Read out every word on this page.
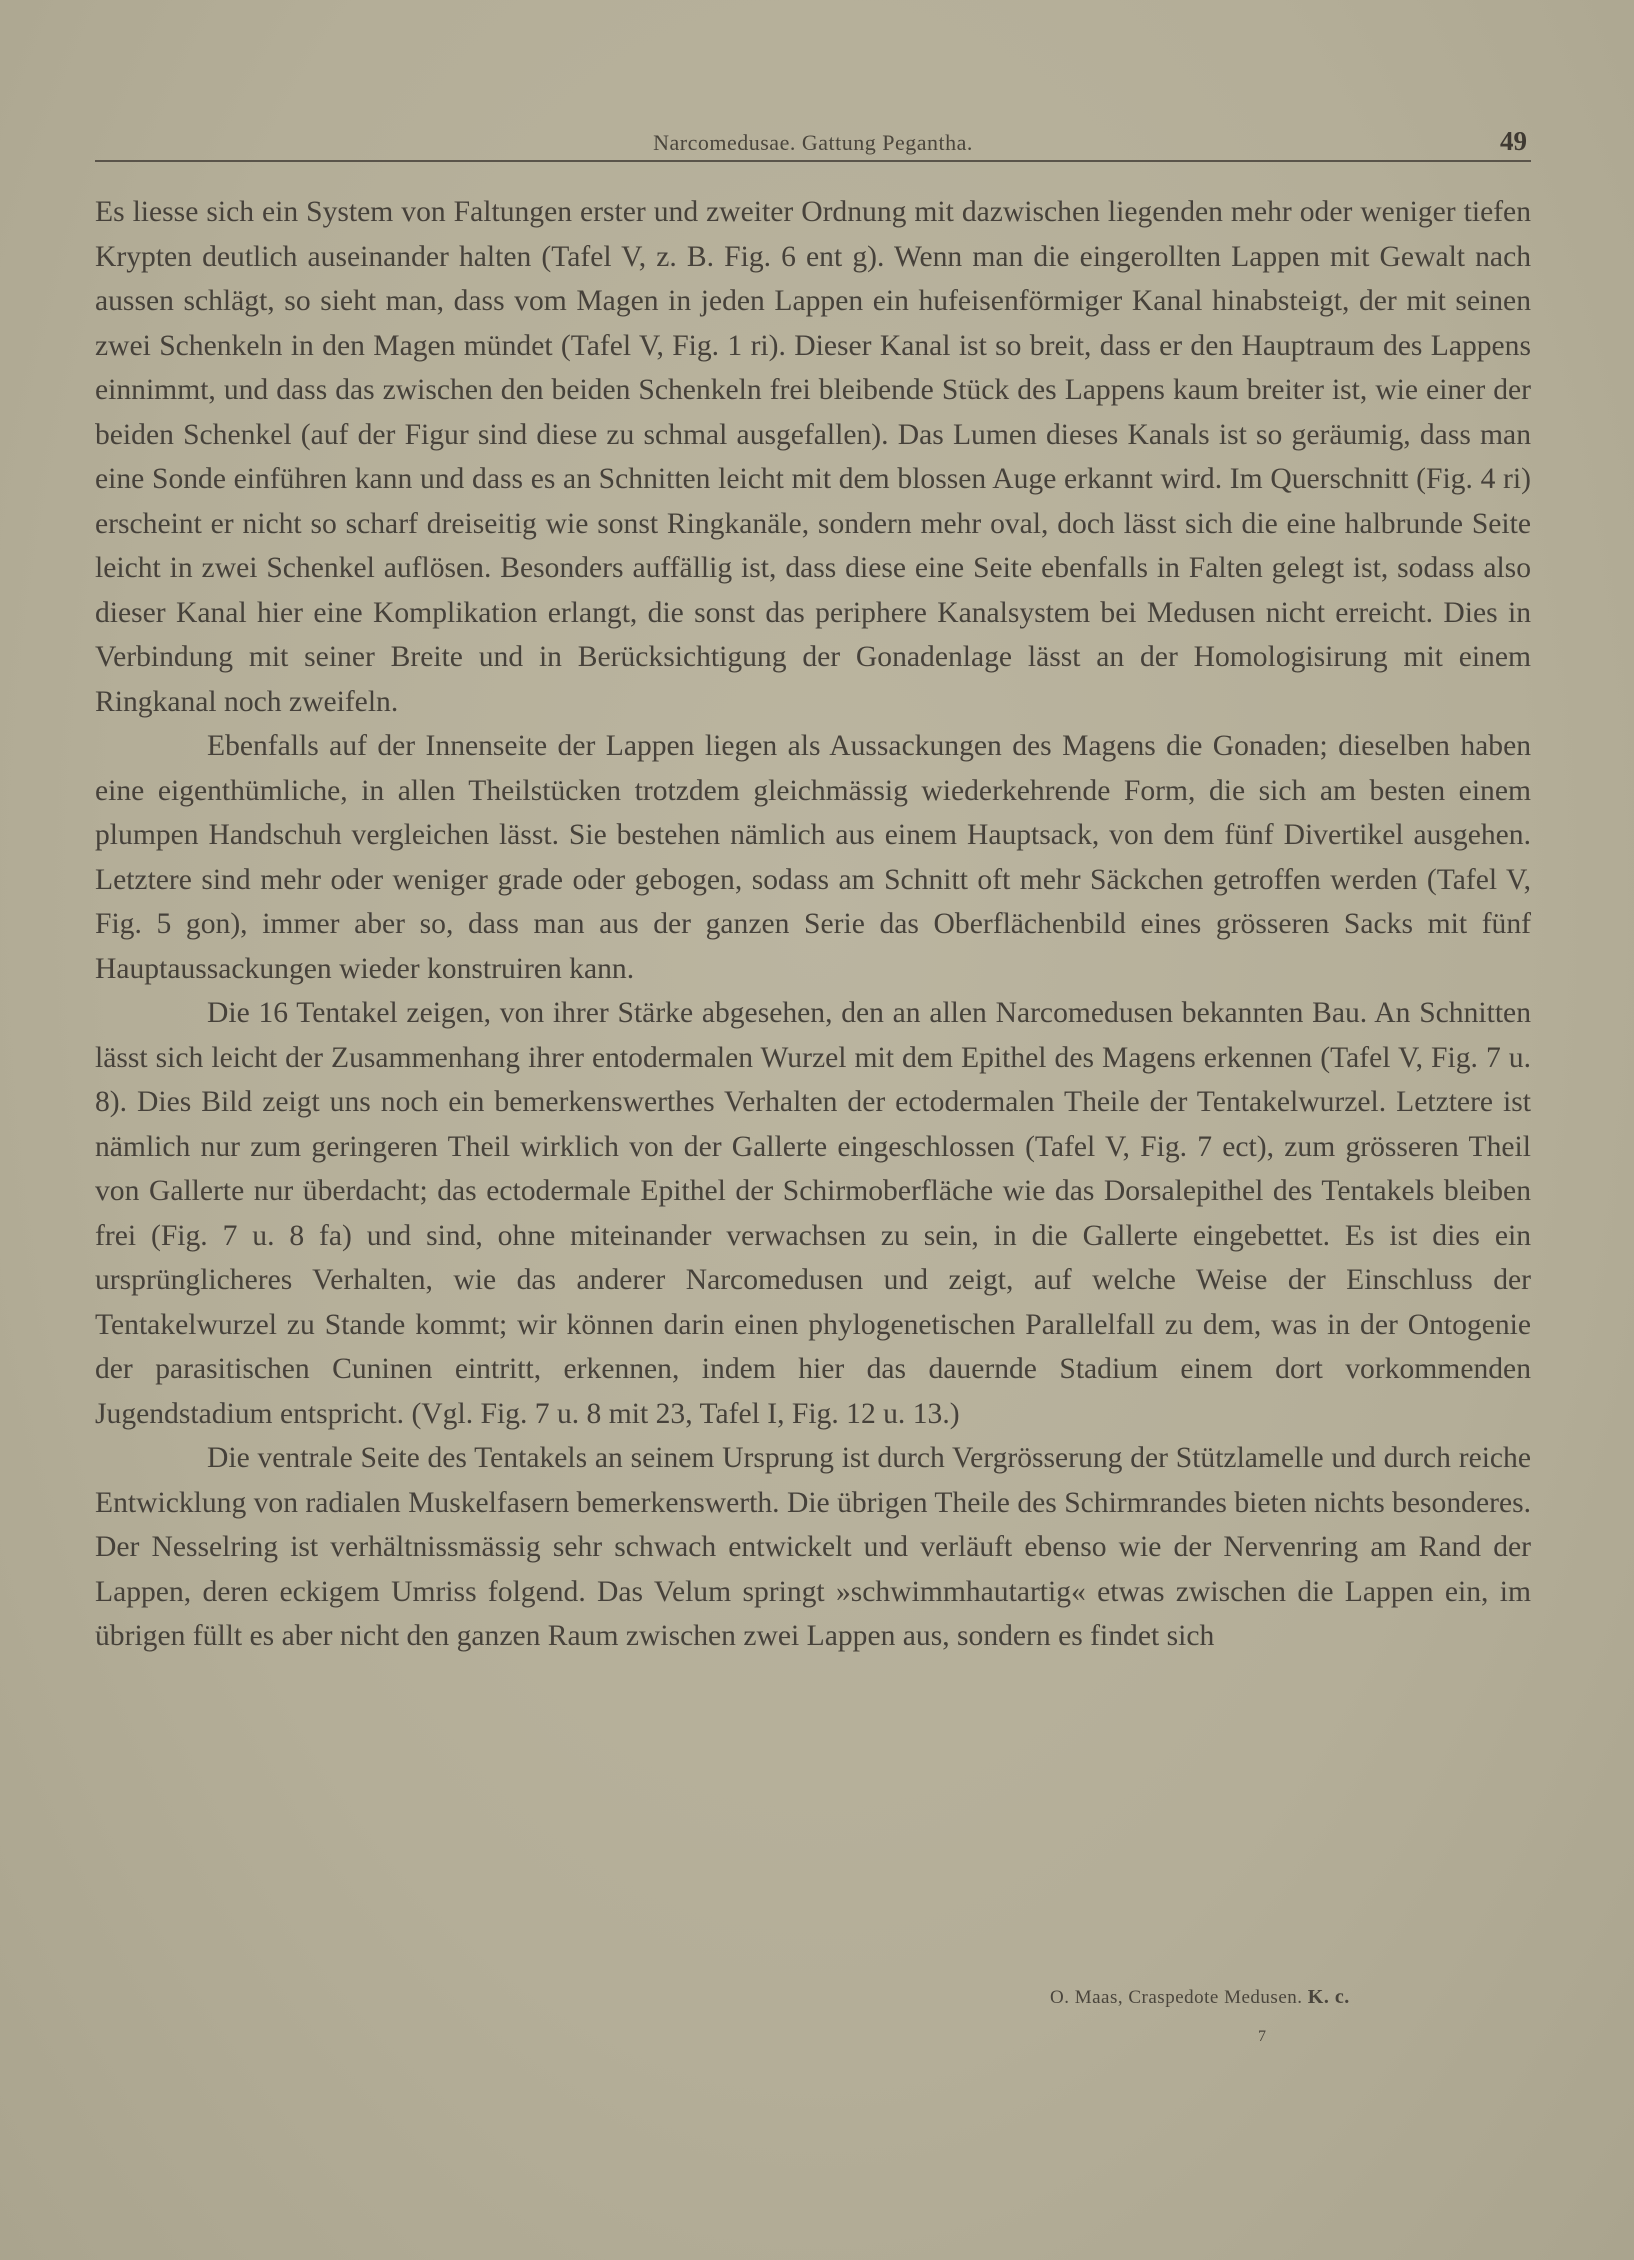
Narcomedusae. Gattung Pegantha.	49

Es liesse sich ein System von Faltungen erster und zweiter Ordnung mit dazwischen liegenden mehr oder weniger tiefen Krypten deutlich auseinander halten (Tafel V, z. B. Fig. 6 ent g). Wenn man die eingerollten Lappen mit Gewalt nach aussen schlägt, so sieht man, dass vom Magen in jeden Lappen ein hufeisenförmiger Kanal hinabsteigt, der mit seinen zwei Schenkeln in den Magen mündet (Tafel V, Fig. 1 ri). Dieser Kanal ist so breit, dass er den Hauptraum des Lappens einnimmt, und dass das zwischen den beiden Schenkeln frei bleibende Stück des Lappens kaum breiter ist, wie einer der beiden Schenkel (auf der Figur sind diese zu schmal ausgefallen). Das Lumen dieses Kanals ist so geräumig, dass man eine Sonde einführen kann und dass es an Schnitten leicht mit dem blossen Auge erkannt wird. Im Querschnitt (Fig. 4 ri) erscheint er nicht so scharf dreiseitig wie sonst Ringkanäle, sondern mehr oval, doch lässt sich die eine halbrunde Seite leicht in zwei Schenkel auflösen. Besonders auffällig ist, dass diese eine Seite ebenfalls in Falten gelegt ist, sodass also dieser Kanal hier eine Komplikation erlangt, die sonst das periphere Kanalsystem bei Medusen nicht erreicht. Dies in Verbindung mit seiner Breite und in Berücksichtigung der Gonadenlage lässt an der Homologisirung mit einem Ringkanal noch zweifeln.

Ebenfalls auf der Innenseite der Lappen liegen als Aussackungen des Magens die Gonaden; dieselben haben eine eigenthümliche, in allen Theilstücken trotzdem gleichmässig wiederkehrende Form, die sich am besten einem plumpen Handschuh vergleichen lässt. Sie bestehen nämlich aus einem Hauptsack, von dem fünf Divertikel ausgehen. Letztere sind mehr oder weniger grade oder gebogen, sodass am Schnitt oft mehr Säckchen getroffen werden (Tafel V, Fig. 5 gon), immer aber so, dass man aus der ganzen Serie das Oberflächenbild eines grösseren Sacks mit fünf Hauptaussackungen wieder konstruiren kann.

Die 16 Tentakel zeigen, von ihrer Stärke abgesehen, den an allen Narcomedusen bekannten Bau. An Schnitten lässt sich leicht der Zusammenhang ihrer entodermalen Wurzel mit dem Epithel des Magens erkennen (Tafel V, Fig. 7 u. 8). Dies Bild zeigt uns noch ein bemerkenswerthes Verhalten der ectodermalen Theile der Tentakelwurzel. Letztere ist nämlich nur zum geringeren Theil wirklich von der Gallerte eingeschlossen (Tafel V, Fig. 7 ect), zum grösseren Theil von Gallerte nur überdacht; das ectodermale Epithel der Schirmoberfläche wie das Dorsalepithel des Tentakels bleiben frei (Fig. 7 u. 8 fa) und sind, ohne miteinander verwachsen zu sein, in die Gallerte eingebettet. Es ist dies ein ursprünglicheres Verhalten, wie das anderer Narcomedusen und zeigt, auf welche Weise der Einschluss der Tentakelwurzel zu Stande kommt; wir können darin einen phylogenetischen Parallelfall zu dem, was in der Ontogenie der parasitischen Cuninen eintritt, erkennen, indem hier das dauernde Stadium einem dort vorkommenden Jugendstadium entspricht. (Vgl. Fig. 7 u. 8 mit 23, Tafel I, Fig. 12 u. 13.)

Die ventrale Seite des Tentakels an seinem Ursprung ist durch Vergrösserung der Stützlamelle und durch reiche Entwicklung von radialen Muskelfasern bemerkenswerth. Die übrigen Theile des Schirmrandes bieten nichts besonderes. Der Nesselring ist verhältnissmässig sehr schwach entwickelt und verläuft ebenso wie der Nervenring am Rand der Lappen, deren eckigem Umriss folgend. Das Velum springt »schwimmhautartig« etwas zwischen die Lappen ein, im übrigen füllt es aber nicht den ganzen Raum zwischen zwei Lappen aus, sondern es findet sich

O. Maas, Craspedote Medusen. K. c.
7
